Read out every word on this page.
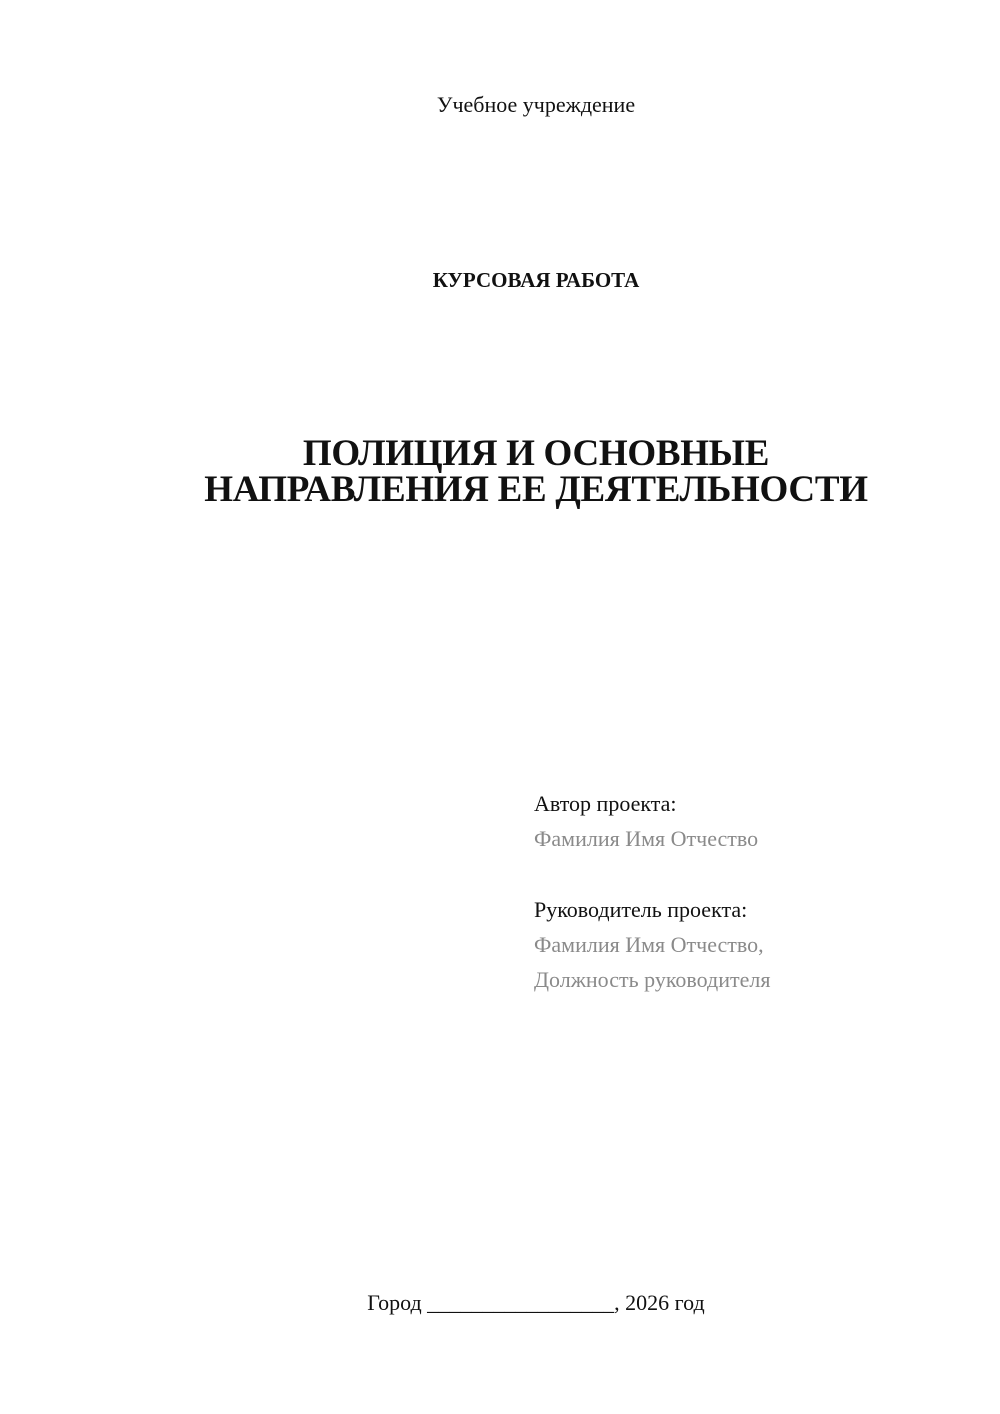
Учебное учреждение
КУРСОВАЯ РАБОТА
ПОЛИЦИЯ И ОСНОВНЫЕ
НАПРАВЛЕНИЯ ЕЕ ДЕЯТЕЛЬНОСТИ
Автор проекта:
Фамилия Имя Отчество
Руководитель проекта:
Фамилия Имя Отчество,
Должность руководителя
Город _________________, 2026 год
